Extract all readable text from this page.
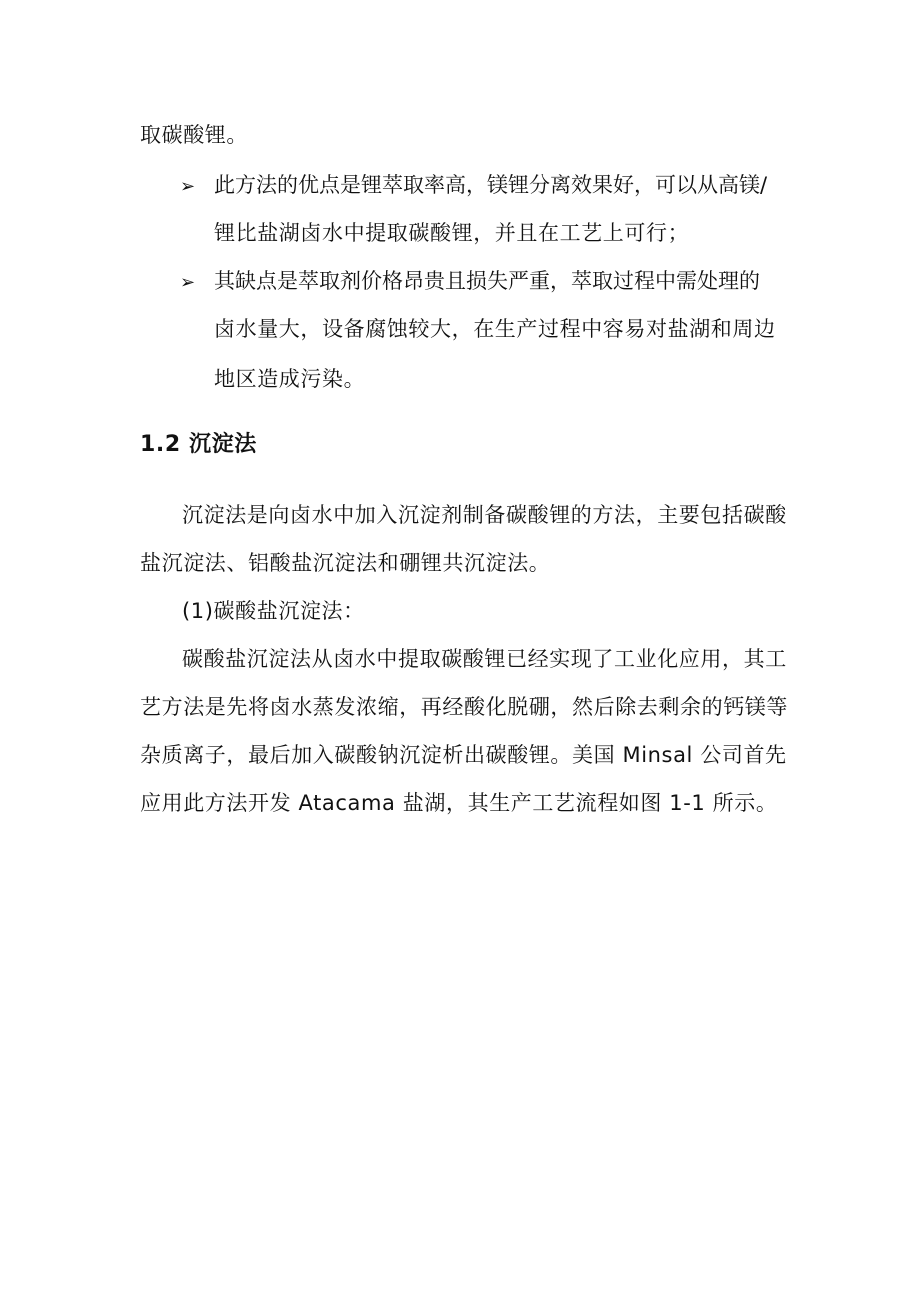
取碳酸锂。
➢ 此方法的优点是锂萃取率高，镁锂分离效果好，可以从高镁/
锂比盐湖卤水中提取碳酸锂，并且在工艺上可行；
➢ 其缺点是萃取剂价格昂贵且损失严重，萃取过程中需处理的
卤水量大，设备腐蚀较大，在生产过程中容易对盐湖和周边
地区造成污染。
1.2 沉淀法
沉淀法是向卤水中加入沉淀剂制备碳酸锂的方法，主要包括碳酸
盐沉淀法、铝酸盐沉淀法和硼锂共沉淀法。
(1)碳酸盐沉淀法：
碳酸盐沉淀法从卤水中提取碳酸锂已经实现了工业化应用，其工
艺方法是先将卤水蒸发浓缩，再经酸化脱硼，然后除去剩余的钙镁等
杂质离子，最后加入碳酸钠沉淀析出碳酸锂。美国 Minsal 公司首先
应用此方法开发 Atacama 盐湖，其生产工艺流程如图 1-1 所示。
